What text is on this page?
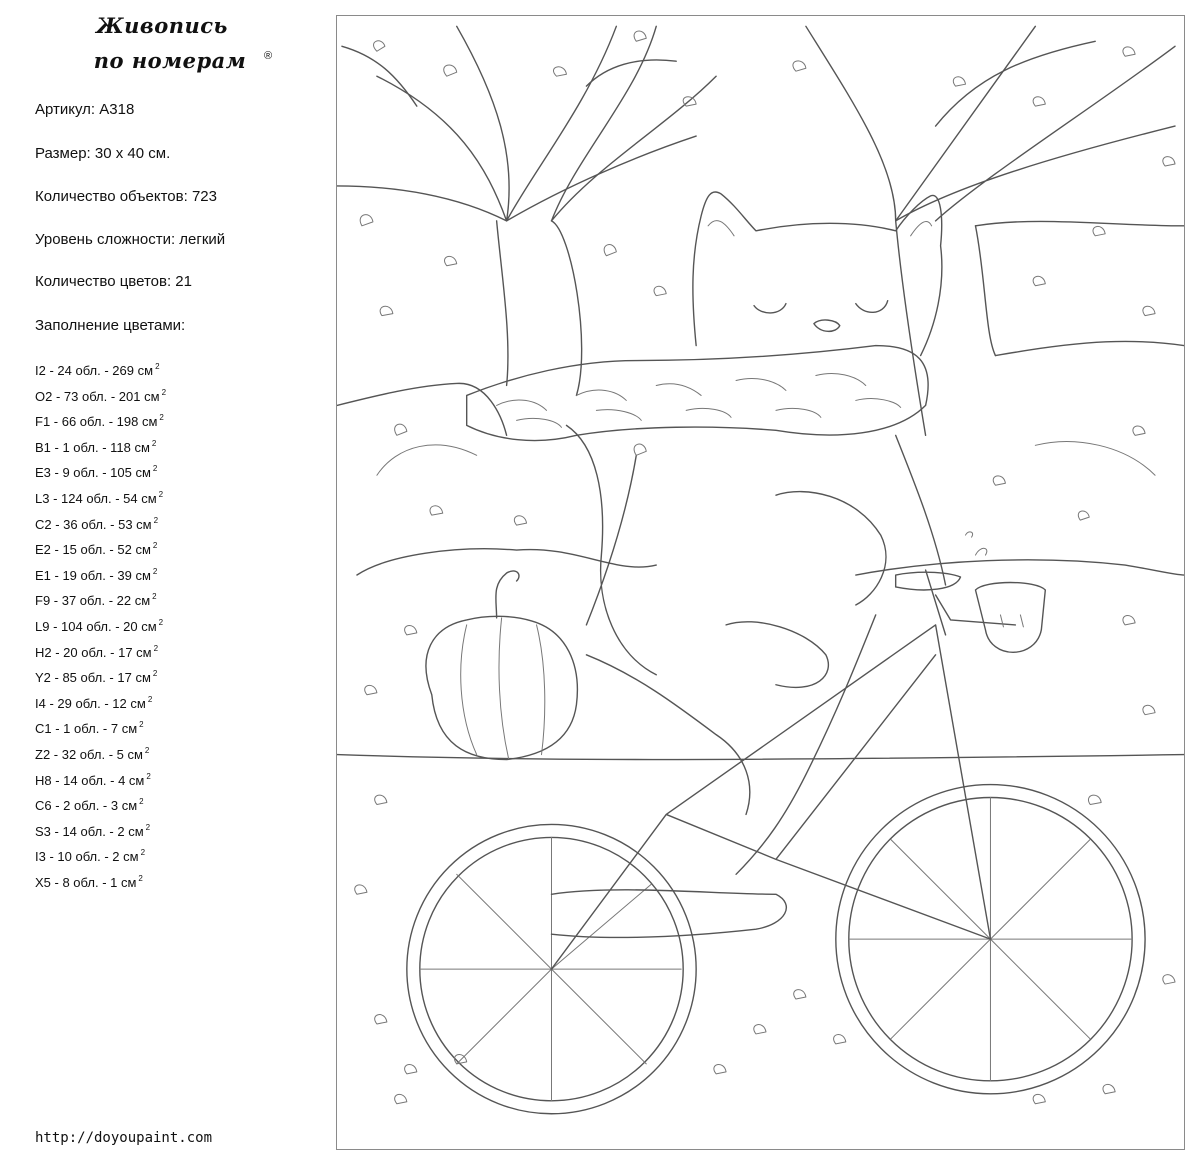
Живопись
по номерам	®
Артикул: A318
Размер: 30 х 40 см.
Количество объектов: 723
Уровень сложности: легкий
Количество цветов: 21
Заполнение цветами:
I2 - 24 обл. - 269 см $^2$
O2 - 73 обл. - 201 см $^2$
F1 - 66 обл. - 198 см $^2$
B1 - 1 обл. - 118 см $^2$
E3 - 9 обл. - 105 см $^2$
L3 - 124 обл. - 54 см $^2$
C2 - 36 обл. - 53 см $^2$
E2 - 15 обл. - 52 см $^2$
E1 - 19 обл. - 39 см $^2$
F9 - 37 обл. - 22 см $^2$
L9 - 104 обл. - 20 см $^2$
H2 - 20 обл. - 17 см $^2$
Y2 - 85 обл. - 17 см $^2$
I4 - 29 обл. - 12 см $^2$
C1 - 1 обл. - 7 см $^2$
Z2 - 32 обл. - 5 см $^2$
H8 - 14 обл. - 4 см $^2$
C6 - 2 обл. - 3 см $^2$
S3 - 14 обл. - 2 см $^2$
I3 - 10 обл. - 2 см $^2$
X5 - 8 обл. - 1 см $^2$
http://doyoupaint.com
